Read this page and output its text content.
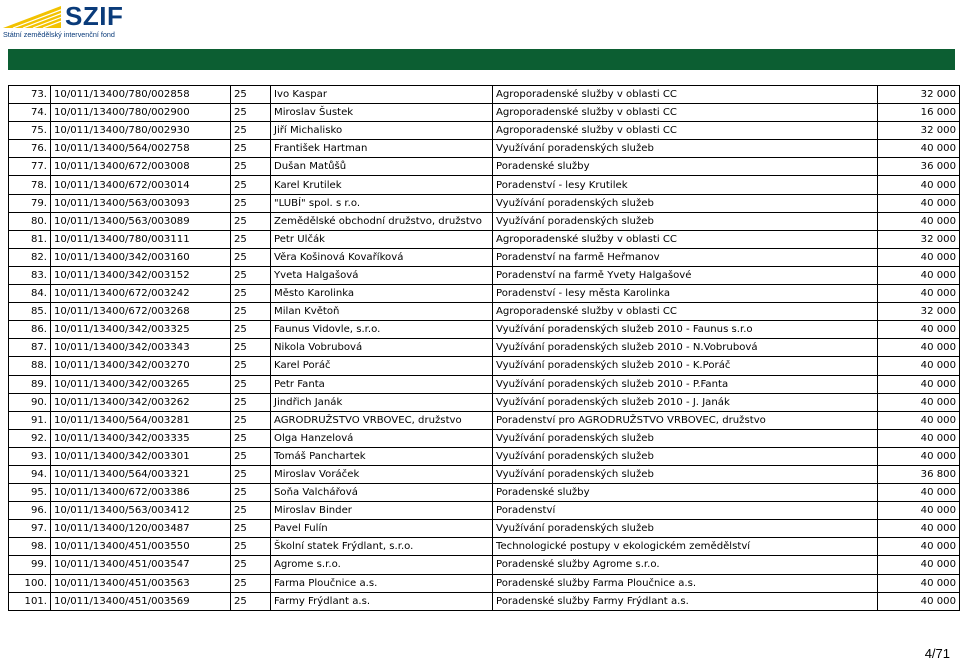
SZIF
Státní zemědělský intervenční fond
73.	10/011/13400/780/002858	25	Ivo Kaspar	Agroporadenské služby v oblasti CC	32 000
74.	10/011/13400/780/002900	25	Miroslav Šustek	Agroporadenské služby v oblasti CC	16 000
75.	10/011/13400/780/002930	25	Jiří Michalisko	Agroporadenské služby v oblasti CC	32 000
76.	10/011/13400/564/002758	25	František Hartman	Využívání poradenských služeb	40 000
77.	10/011/13400/672/003008	25	Dušan Matůšů	Poradenské služby	36 000
78.	10/011/13400/672/003014	25	Karel Krutilek	Poradenství - lesy Krutilek	40 000
79.	10/011/13400/563/003093	25	"LUBÍ" spol. s r.o.	Využívání poradenských služeb	40 000
80.	10/011/13400/563/003089	25	Zemědělské obchodní družstvo, družstvo	Využívání poradenských služeb	40 000
81.	10/011/13400/780/003111	25	Petr Ulčák	Agroporadenské služby v oblasti CC	32 000
82.	10/011/13400/342/003160	25	Věra Košinová Kovaříková	Poradenství na farmě Heřmanov	40 000
83.	10/011/13400/342/003152	25	Yveta Halgašová	Poradenství na farmě Yvety Halgašové	40 000
84.	10/011/13400/672/003242	25	Město Karolinka	Poradenství - lesy města Karolinka	40 000
85.	10/011/13400/672/003268	25	Milan Květoň	Agroporadenské služby v oblasti CC	32 000
86.	10/011/13400/342/003325	25	Faunus Vidovle, s.r.o.	Využívání poradenských služeb 2010 - Faunus s.r.o	40 000
87.	10/011/13400/342/003343	25	Nikola Vobrubová	Využívání poradenských služeb 2010 - N.Vobrubová	40 000
88.	10/011/13400/342/003270	25	Karel Poráč	Využívání poradenských služeb 2010 - K.Poráč	40 000
89.	10/011/13400/342/003265	25	Petr Fanta	Využívání poradenských služeb 2010 - P.Fanta	40 000
90.	10/011/13400/342/003262	25	Jindřich Janák	Využívání poradenských služeb 2010 - J. Janák	40 000
91.	10/011/13400/564/003281	25	AGRODRUŽSTVO VRBOVEC, družstvo	Poradenství pro AGRODRUŽSTVO VRBOVEC, družstvo	40 000
92.	10/011/13400/342/003335	25	Olga Hanzelová	Využívání poradenských služeb	40 000
93.	10/011/13400/342/003301	25	Tomáš Panchartek	Využívání poradenských služeb	40 000
94.	10/011/13400/564/003321	25	Miroslav Voráček	Využívání poradenských služeb	36 800
95.	10/011/13400/672/003386	25	Soňa Valchářová	Poradenské služby	40 000
96.	10/011/13400/563/003412	25	Miroslav Binder	Poradenství	40 000
97.	10/011/13400/120/003487	25	Pavel Fulín	Využívání poradenských služeb	40 000
98.	10/011/13400/451/003550	25	Školní statek Frýdlant, s.r.o.	Technologické postupy v ekologickém zemědělství	40 000
99.	10/011/13400/451/003547	25	Agrome s.r.o.	Poradenské služby Agrome s.r.o.	40 000
100.	10/011/13400/451/003563	25	Farma Ploučnice a.s.	Poradenské služby Farma Ploučnice a.s.	40 000
101.	10/011/13400/451/003569	25	Farmy Frýdlant a.s.	Poradenské služby Farmy Frýdlant a.s.	40 000
4/71
